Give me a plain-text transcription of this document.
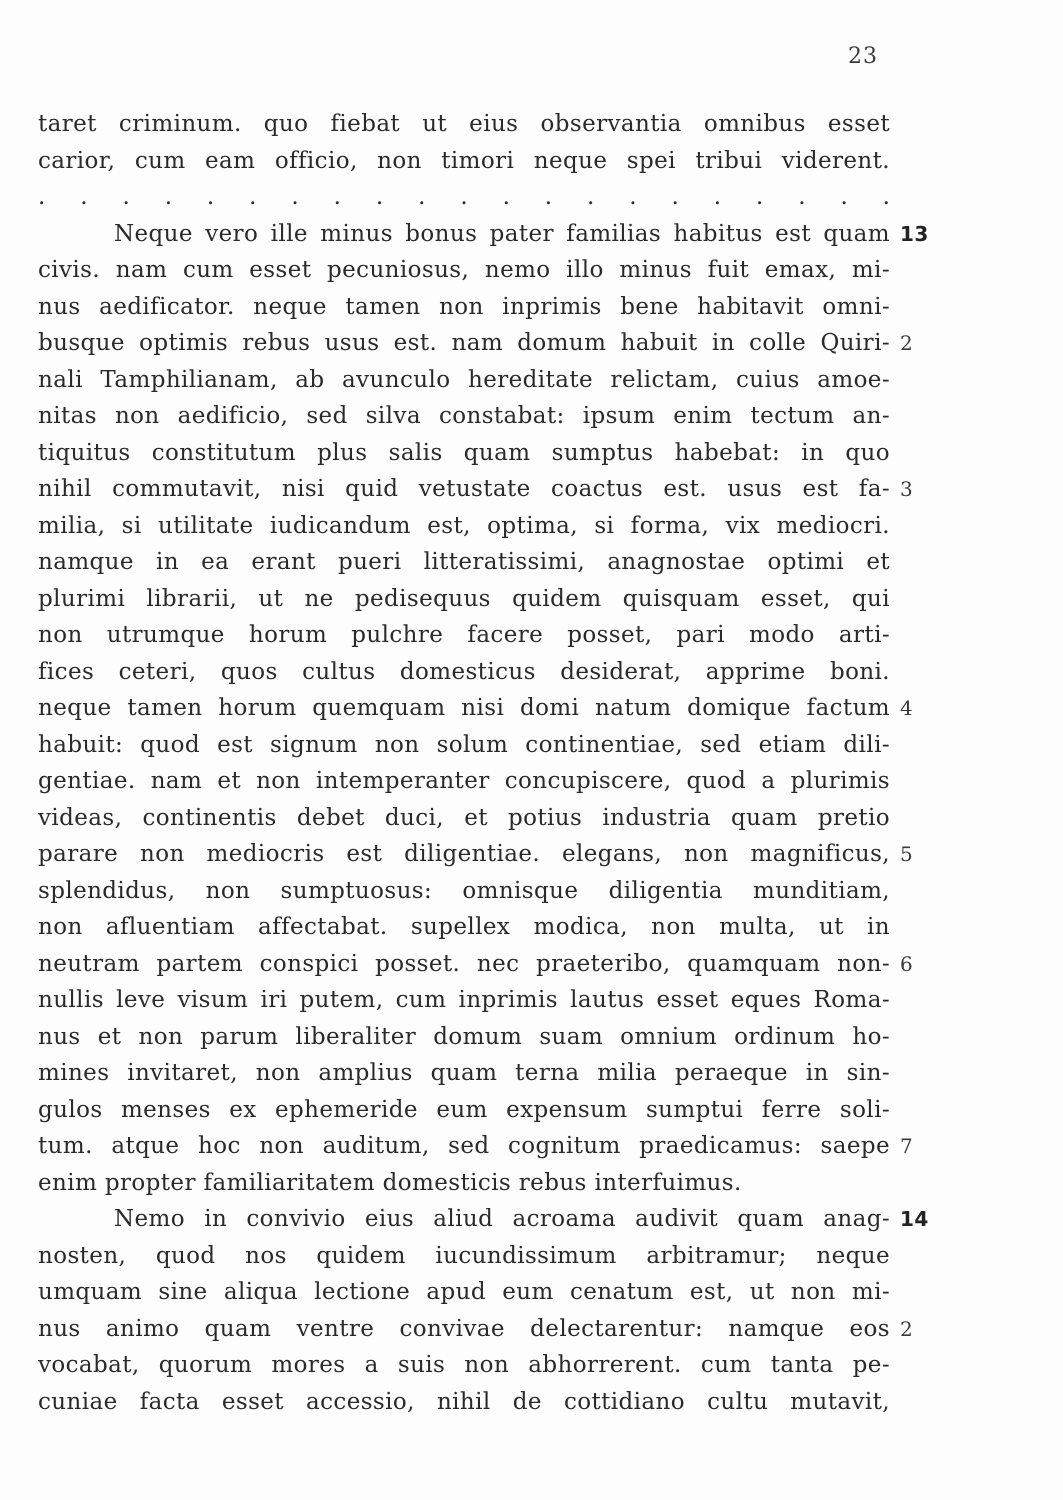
23
taret criminum. quo fiebat ut eius observantia omnibus esset
carior, cum eam officio, non timori neque spei tribui viderent.
. . . . . . . . . . . . . . . . . . . . .
Neque vero ille minus bonus pater familias habitus est quam 13
civis. nam cum esset pecuniosus, nemo illo minus fuit emax, mi-
nus aedificator. neque tamen non inprimis bene habitavit omni-
busque optimis rebus usus est. nam domum habuit in colle Quiri- 2
nali Tamphilianam, ab avunculo hereditate relictam, cuius amoe-
nitas non aedificio, sed silva constabat: ipsum enim tectum an-
tiquitus constitutum plus salis quam sumptus habebat: in quo
nihil commutavit, nisi quid vetustate coactus est. usus est fa- 3
milia, si utilitate iudicandum est, optima, si forma, vix mediocri.
namque in ea erant pueri litteratissimi, anagnostae optimi et
plurimi librarii, ut ne pedisequus quidem quisquam esset, qui
non utrumque horum pulchre facere posset, pari modo arti-
fices ceteri, quos cultus domesticus desiderat, apprime boni.
neque tamen horum quemquam nisi domi natum domique factum 4
habuit: quod est signum non solum continentiae, sed etiam dili-
gentiae. nam et non intemperanter concupiscere, quod a plurimis
videas, continentis debet duci, et potius industria quam pretio
parare non mediocris est diligentiae. elegans, non magnificus, 5
splendidus, non sumptuosus: omnisque diligentia munditiam,
non afluentiam affectabat. supellex modica, non multa, ut in
neutram partem conspici posset. nec praeteribo, quamquam non- 6
nullis leve visum iri putem, cum inprimis lautus esset eques Roma-
nus et non parum liberaliter domum suam omnium ordinum ho-
mines invitaret, non amplius quam terna milia peraeque in sin-
gulos menses ex ephemeride eum expensum sumptui ferre soli-
tum. atque hoc non auditum, sed cognitum praedicamus: saepe 7
enim propter familiaritatem domesticis rebus interfuimus.
Nemo in convivio eius aliud acroama audivit quam anag- 14
nosten, quod nos quidem iucundissimum arbitramur; neque
umquam sine aliqua lectione apud eum cenatum est, ut non mi-
nus animo quam ventre convivae delectarentur: namque eos 2
vocabat, quorum mores a suis non abhorrerent. cum tanta pe-
cuniae facta esset accessio, nihil de cottidiano cultu mutavit,
